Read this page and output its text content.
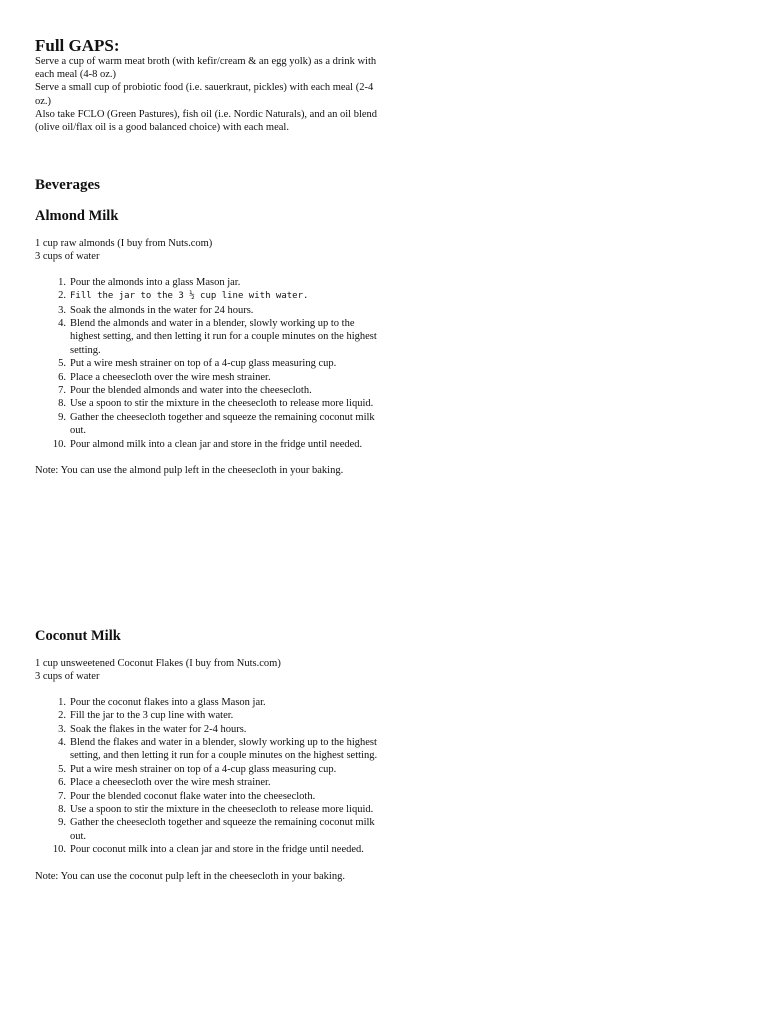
Full GAPS:

Serve a cup of warm meat broth (with kefir/cream & an egg yolk) as a drink with each meal (4-8 oz.)

Serve a small cup of probiotic food (i.e. sauerkraut, pickles) with each meal (2-4 oz.)

Also take FCLO (Green Pastures), fish oil (i.e. Nordic Naturals), and an oil blend (olive oil/flax oil is a good balanced choice) with each meal.

Beverages
Almond Milk
1 cup raw almonds (I buy from Nuts.com)
3 cups of water
1. Pour the almonds into a glass Mason jar.
2. Fill the jar to the 3 ½ cup line with water.
3. Soak the almonds in the water for 24 hours.
4. Blend the almonds and water in a blender, slowly working up to the highest setting, and then letting it run for a couple minutes on the highest setting.
5. Put a wire mesh strainer on top of a 4-cup glass measuring cup.
6. Place a cheesecloth over the wire mesh strainer.
7. Pour the blended almonds and water into the cheesecloth.
8. Use a spoon to stir the mixture in the cheesecloth to release more liquid.
9. Gather the cheesecloth together and squeeze the remaining coconut milk out.
10. Pour almond milk into a clean jar and store in the fridge until needed.
Note: You can use the almond pulp left in the cheesecloth in your baking.
Coconut Milk
1 cup unsweetened Coconut Flakes (I buy from Nuts.com)
3 cups of water
1. Pour the coconut flakes into a glass Mason jar.
2. Fill the jar to the 3 cup line with water.
3. Soak the flakes in the water for 2-4 hours.
4. Blend the flakes and water in a blender, slowly working up to the highest setting, and then letting it run for a couple minutes on the highest setting.
5. Put a wire mesh strainer on top of a 4-cup glass measuring cup.
6. Place a cheesecloth over the wire mesh strainer.
7. Pour the blended coconut flake water into the cheesecloth.
8. Use a spoon to stir the mixture in the cheesecloth to release more liquid.
9. Gather the cheesecloth together and squeeze the remaining coconut milk out.
10. Pour coconut milk into a clean jar and store in the fridge until needed.
Note: You can use the coconut pulp left in the cheesecloth in your baking.
